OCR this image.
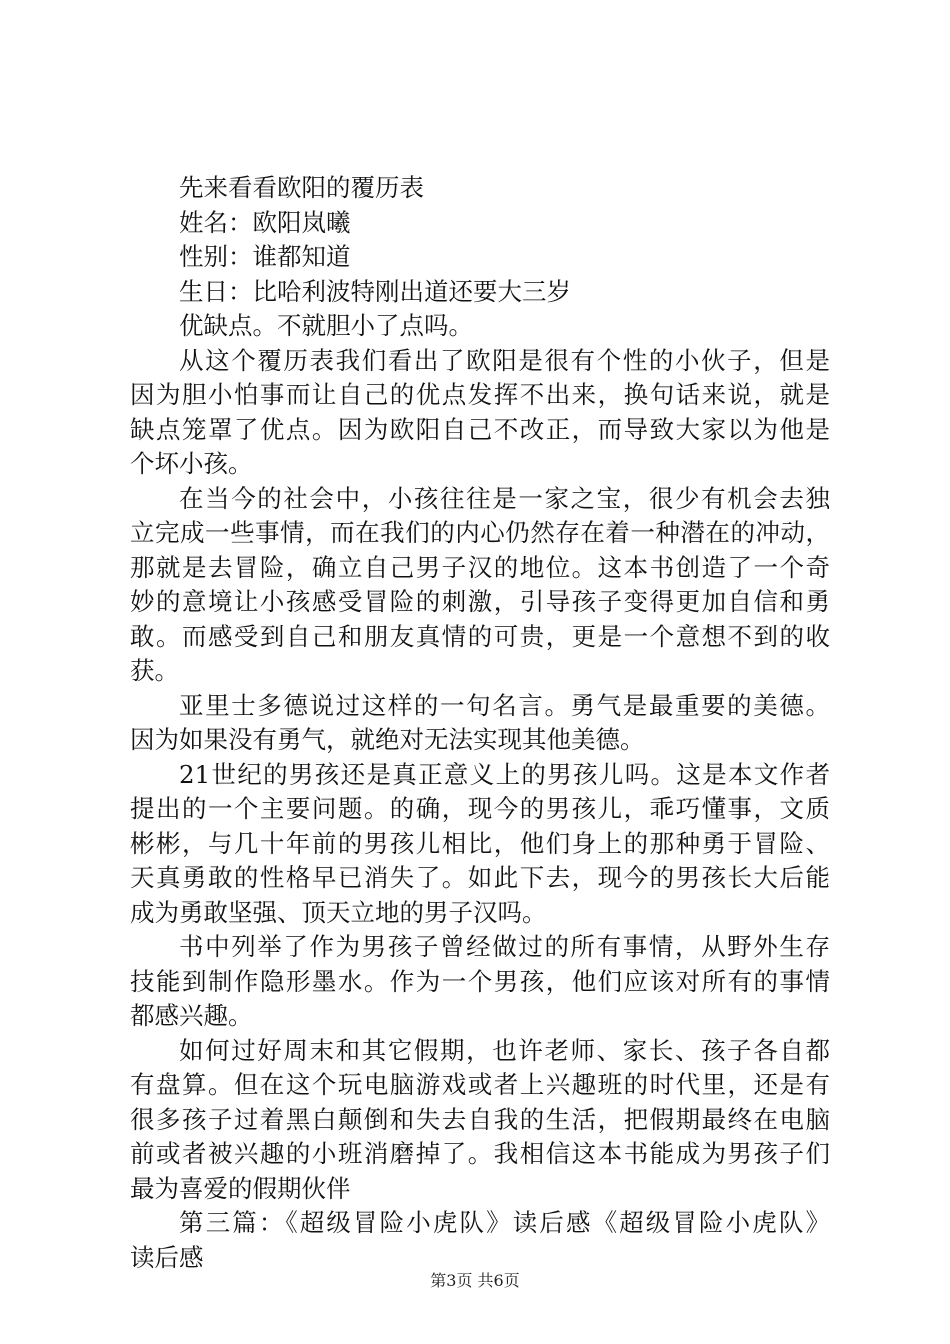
先来看看欧阳的覆历表
姓名：欧阳岚曦
性别：谁都知道
生日：比哈利波特刚出道还要大三岁
优缺点。不就胆小了点吗。
从这个覆历表我们看出了欧阳是很有个性的小伙子，但是
因为胆小怕事而让自己的优点发挥不出来，换句话来说，就是
缺点笼罩了优点。因为欧阳自己不改正，而导致大家以为他是
个坏小孩。
在当今的社会中，小孩往往是一家之宝，很少有机会去独
立完成一些事情，而在我们的内心仍然存在着一种潜在的冲动，
那就是去冒险，确立自己男子汉的地位。这本书创造了一个奇
妙的意境让小孩感受冒险的刺激，引导孩子变得更加自信和勇
敢。而感受到自己和朋友真情的可贵，更是一个意想不到的收
获。
亚里士多德说过这样的一句名言。勇气是最重要的美德。
因为如果没有勇气，就绝对无法实现其他美德。
21世纪的男孩还是真正意义上的男孩儿吗。这是本文作者
提出的一个主要问题。的确，现今的男孩儿，乖巧懂事，文质
彬彬，与几十年前的男孩儿相比，他们身上的那种勇于冒险、
天真勇敢的性格早已消失了。如此下去，现今的男孩长大后能
成为勇敢坚强、顶天立地的男子汉吗。
书中列举了作为男孩子曾经做过的所有事情，从野外生存
技能到制作隐形墨水。作为一个男孩，他们应该对所有的事情
都感兴趣。
如何过好周末和其它假期，也许老师、家长、孩子各自都
有盘算。但在这个玩电脑游戏或者上兴趣班的时代里，还是有
很多孩子过着黑白颠倒和失去自我的生活，把假期最终在电脑
前或者被兴趣的小班消磨掉了。我相信这本书能成为男孩子们
最为喜爱的假期伙伴
第三篇：《超级冒险小虎队》读后感《超级冒险小虎队》
读后感
第3页 共6页
